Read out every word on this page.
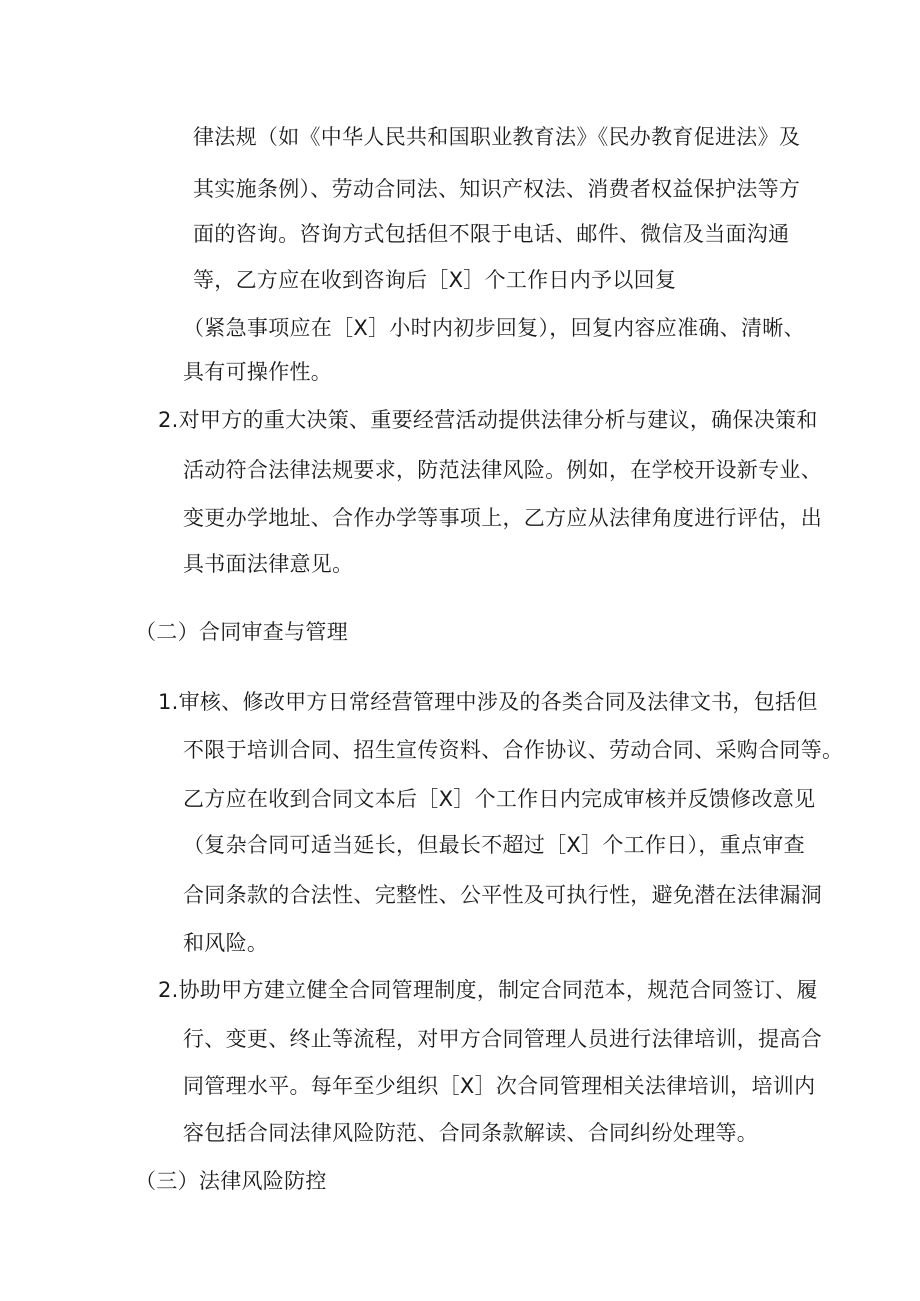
律法规（如《中华人民共和国职业教育法》《民办教育促进法》及
其实施条例）、劳动合同法、知识产权法、消费者权益保护法等方
面的咨询。咨询方式包括但不限于电话、邮件、微信及当面沟通
等，乙方应在收到咨询后［X］个工作日内予以回复
（紧急事项应在［X］小时内初步回复），回复内容应准确、清晰、
具有可操作性。
2.对甲方的重大决策、重要经营活动提供法律分析与建议，确保决策和
活动符合法律法规要求，防范法律风险。例如，在学校开设新专业、
变更办学地址、合作办学等事项上，乙方应从法律角度进行评估，出
具书面法律意见。
（二）合同审查与管理
1.审核、修改甲方日常经营管理中涉及的各类合同及法律文书，包括但
不限于培训合同、招生宣传资料、合作协议、劳动合同、采购合同等。
乙方应在收到合同文本后［X］个工作日内完成审核并反馈修改意见
（复杂合同可适当延长，但最长不超过［X］个工作日），重点审查
合同条款的合法性、完整性、公平性及可执行性，避免潜在法律漏洞
和风险。
2.协助甲方建立健全合同管理制度，制定合同范本，规范合同签订、履
行、变更、终止等流程，对甲方合同管理人员进行法律培训，提高合
同管理水平。每年至少组织［X］次合同管理相关法律培训，培训内
容包括合同法律风险防范、合同条款解读、合同纠纷处理等。
（三）法律风险防控
